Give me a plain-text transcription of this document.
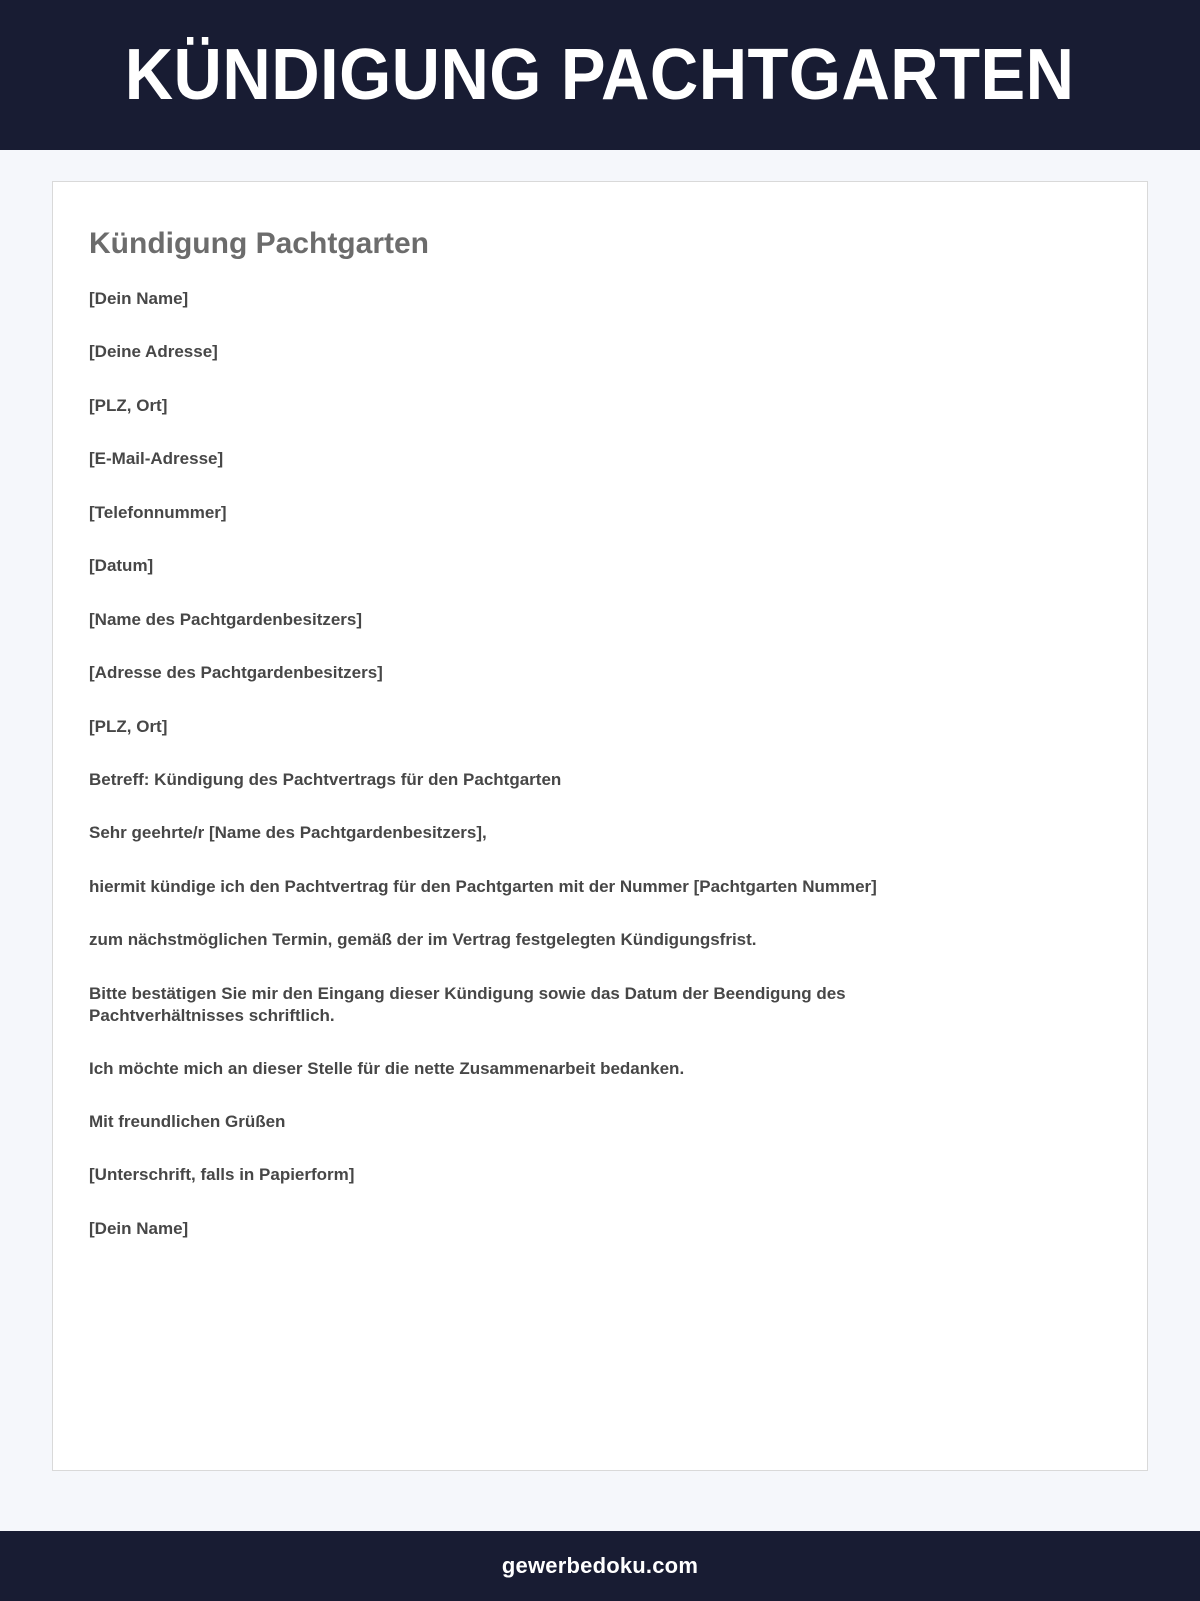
KÜNDIGUNG PACHTGARTEN
Kündigung Pachtgarten

[Dein Name]

[Deine Adresse]

[PLZ, Ort]

[E-Mail-Adresse]

[Telefonnummer]

[Datum]

[Name des Pachtgardenbesitzers]

[Adresse des Pachtgardenbesitzers]

[PLZ, Ort]

Betreff: Kündigung des Pachtvertrags für den Pachtgarten

Sehr geehrte/r [Name des Pachtgardenbesitzers],

hiermit kündige ich den Pachtvertrag für den Pachtgarten mit der Nummer [Pachtgarten Nummer]

zum nächstmöglichen Termin, gemäß der im Vertrag festgelegten Kündigungsfrist.

Bitte bestätigen Sie mir den Eingang dieser Kündigung sowie das Datum der Beendigung des Pachtverhältnisses schriftlich.

Ich möchte mich an dieser Stelle für die nette Zusammenarbeit bedanken.

Mit freundlichen Grüßen

[Unterschrift, falls in Papierform]

[Dein Name]

gewerbedoku.com
